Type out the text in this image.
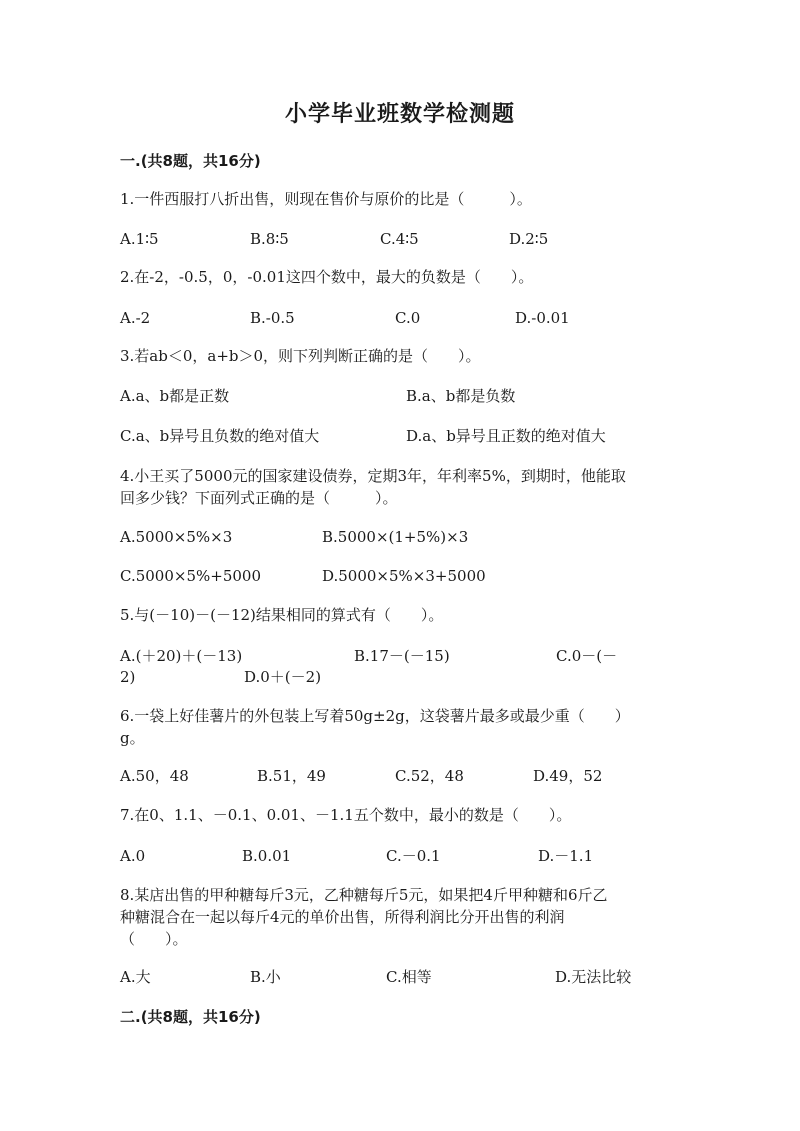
小学毕业班数学检测题
一.(共8题，共16分)
1.一件西服打八折出售，则现在售价与原价的比是（　　　）。
A.1∶5	B.8∶5	C.4∶5	D.2∶5
2.在-2，-0.5，0，-0.01这四个数中，最大的负数是（　　）。
A.-2	B.-0.5	C.0	D.-0.01
3.若ab＜0，a+b＞0，则下列判断正确的是（　　）。
A.a、b都是正数	B.a、b都是负数
C.a、b异号且负数的绝对值大	D.a、b异号且正数的绝对值大
4.小王买了5000元的国家建设债券，定期3年，年利率5%，到期时，他能取
回多少钱？下面列式正确的是（　　　）。
A.5000×5%×3	B.5000×(1+5%)×3
C.5000×5%+5000	D.5000×5%×3+5000
5.与(－10)－(－12)结果相同的算式有（　　）。
A.(＋20)＋(－13)	B.17－(－15)	C.0－(－
2)	D.0＋(－2)
6.一袋上好佳薯片的外包装上写着50g±2g，这袋薯片最多或最少重（　　）
g。
A.50，48	B.51，49	C.52，48	D.49，52
7.在0、1.1、－0.1、0.01、－1.1五个数中，最小的数是（　　）。
A.0	B.0.01	C.－0.1	D.－1.1
8.某店出售的甲种糖每斤3元，乙种糖每斤5元，如果把4斤甲种糖和6斤乙
种糖混合在一起以每斤4元的单价出售，所得利润比分开出售的利润
（　　）。
A.大	B.小	C.相等	D.无法比较
二.(共8题，共16分)
